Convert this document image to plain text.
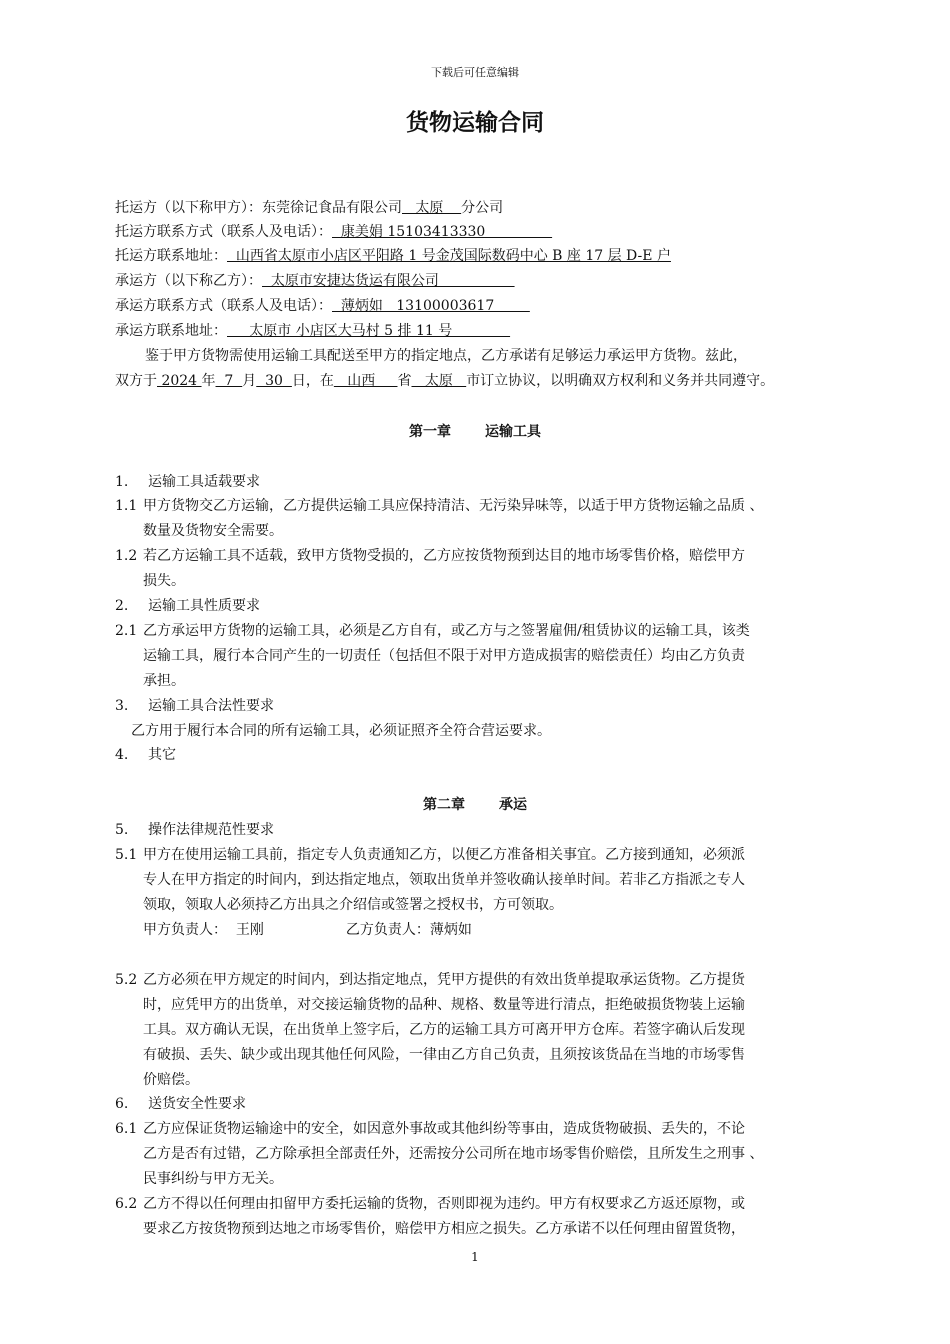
下载后可任意编辑
货物运输合同
托运方（以下称甲方）：东莞徐记食品有限公司   太原    分公司
托运方联系方式（联系人及电话）：  康美娟 15103413330
托运方联系地址：  山西省太原市小店区平阳路 1 号金茂国际数码中心 B 座 17 层 D-E 户
承运方（以下称乙方）：  太原市安捷达货运有限公司
承运方联系方式（联系人及电话）：  薄炳如   13100003617
承运方联系地址：     太原市 小店区大马村 5 排 11 号
鉴于甲方货物需使用运输工具配送至甲方的指定地点，乙方承诺有足够运力承运甲方货物。兹此，
双方于 2024 年  7  月  30  日，在   山西     省   太原   市订立协议，以明确双方权利和义务并共同遵守。
第一章 运输工具
1. 运输工具适载要求
1.1 甲方货物交乙方运输，乙方提供运输工具应保持清洁、无污染异味等，以适于甲方货物运输之品质 、
数量及货物安全需要。
1.2 若乙方运输工具不适载，致甲方货物受损的，乙方应按货物预到达目的地市场零售价格，赔偿甲方
损失。
2. 运输工具性质要求
2.1 乙方承运甲方货物的运输工具，必须是乙方自有，或乙方与之签署雇佣/租赁协议的运输工具，该类
运输工具，履行本合同产生的一切责任（包括但不限于对甲方造成损害的赔偿责任）均由乙方负责
承担。
3. 运输工具合法性要求
乙方用于履行本合同的所有运输工具，必须证照齐全符合营运要求。
4. 其它
第二章 承运
5. 操作法律规范性要求
5.1 甲方在使用运输工具前，指定专人负责通知乙方，以便乙方准备相关事宜。乙方接到通知，必须派
专人在甲方指定的时间内，到达指定地点，领取出货单并签收确认接单时间。若非乙方指派之专人
领取，领取人必须持乙方出具之介绍信或签署之授权书，方可领取。
甲方负责人： 王刚	乙方负责人：薄炳如
5.2 乙方必须在甲方规定的时间内，到达指定地点，凭甲方提供的有效出货单提取承运货物。乙方提货
时，应凭甲方的出货单，对交接运输货物的品种、规格、数量等进行清点，拒绝破损货物装上运输
工具。双方确认无误，在出货单上签字后，乙方的运输工具方可离开甲方仓库。若签字确认后发现
有破损、丢失、缺少或出现其他任何风险，一律由乙方自己负责，且须按该货品在当地的市场零售
价赔偿。
6. 送货安全性要求
6.1 乙方应保证货物运输途中的安全，如因意外事故或其他纠纷等事由，造成货物破损、丢失的，不论
乙方是否有过错，乙方除承担全部责任外，还需按分公司所在地市场零售价赔偿，且所发生之刑事 、
民事纠纷与甲方无关。
6.2 乙方不得以任何理由扣留甲方委托运输的货物，否则即视为违约。甲方有权要求乙方返还原物，或
要求乙方按货物预到达地之市场零售价，赔偿甲方相应之损失。乙方承诺不以任何理由留置货物，
1
